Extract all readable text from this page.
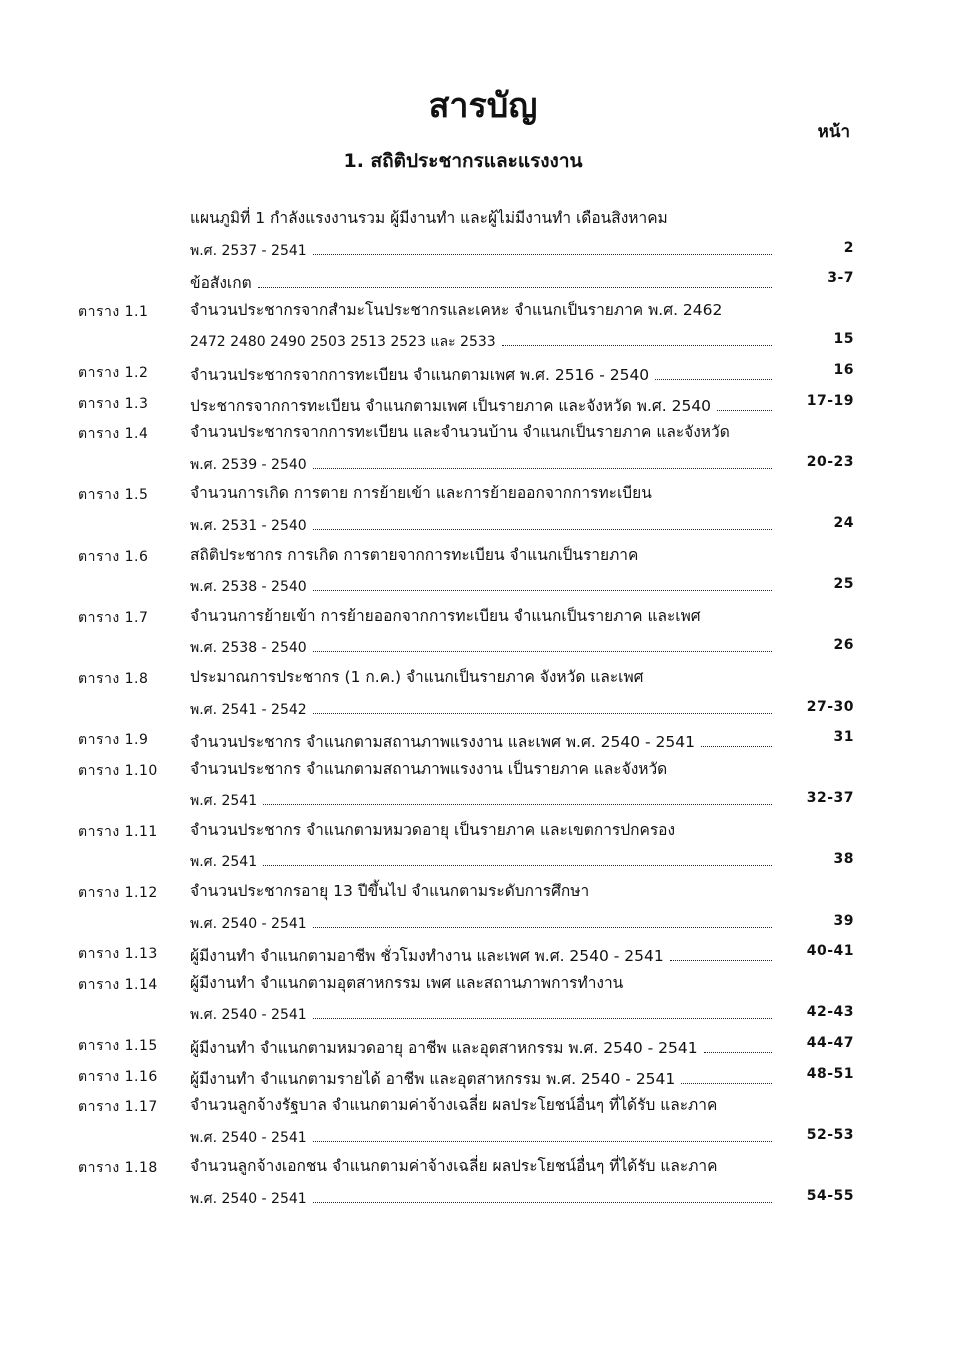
สารบัญ
หน้า
1. สถิติประชากรและแรงงาน
แผนภูมิที่ 1 กำลังแรงงานรวม ผู้มีงานทำ และผู้ไม่มีงานทำ เดือนสิงหาคม
พ.ศ. 2537 - 2541	2
ข้อสังเกต	3-7
ตาราง 1.1	จำนวนประชากรจากสำมะโนประชากรและเคหะ จำแนกเป็นรายภาค พ.ศ. 2462
2472 2480 2490 2503 2513 2523 และ 2533	15
ตาราง 1.2	จำนวนประชากรจากการทะเบียน จำแนกตามเพศ พ.ศ. 2516 - 2540	16
ตาราง 1.3	ประชากรจากการทะเบียน จำแนกตามเพศ เป็นรายภาค และจังหวัด พ.ศ. 2540	17-19
ตาราง 1.4	จำนวนประชากรจากการทะเบียน และจำนวนบ้าน จำแนกเป็นรายภาค และจังหวัด
พ.ศ. 2539 - 2540	20-23
ตาราง 1.5	จำนวนการเกิด การตาย การย้ายเข้า และการย้ายออกจากการทะเบียน
พ.ศ. 2531 - 2540	24
ตาราง 1.6	สถิติประชากร การเกิด การตายจากการทะเบียน จำแนกเป็นรายภาค
พ.ศ. 2538 - 2540	25
ตาราง 1.7	จำนวนการย้ายเข้า การย้ายออกจากการทะเบียน จำแนกเป็นรายภาค และเพศ
พ.ศ. 2538 - 2540	26
ตาราง 1.8	ประมาณการประชากร (1 ก.ค.) จำแนกเป็นรายภาค จังหวัด และเพศ
พ.ศ. 2541 - 2542	27-30
ตาราง 1.9	จำนวนประชากร จำแนกตามสถานภาพแรงงาน และเพศ พ.ศ. 2540 - 2541	31
ตาราง 1.10 จำนวนประชากร จำแนกตามสถานภาพแรงงาน เป็นรายภาค และจังหวัด
พ.ศ. 2541	32-37
ตาราง 1.11 จำนวนประชากร จำแนกตามหมวดอายุ เป็นรายภาค และเขตการปกครอง
พ.ศ. 2541	38
ตาราง 1.12 จำนวนประชากรอายุ 13 ปีขึ้นไป จำแนกตามระดับการศึกษา
พ.ศ. 2540 - 2541	39
ตาราง 1.13 ผู้มีงานทำ จำแนกตามอาชีพ ชั่วโมงทำงาน และเพศ พ.ศ. 2540 - 2541	40-41
ตาราง 1.14 ผู้มีงานทำ จำแนกตามอุตสาหกรรม เพศ และสถานภาพการทำงาน
พ.ศ. 2540 - 2541	42-43
ตาราง 1.15 ผู้มีงานทำ จำแนกตามหมวดอายุ อาชีพ และอุตสาหกรรม พ.ศ. 2540 - 2541	44-47
ตาราง 1.16 ผู้มีงานทำ จำแนกตามรายได้ อาชีพ และอุตสาหกรรม พ.ศ. 2540 - 2541	48-51
ตาราง 1.17 จำนวนลูกจ้างรัฐบาล จำแนกตามค่าจ้างเฉลี่ย ผลประโยชน์อื่นๆ ที่ได้รับ และภาค
พ.ศ. 2540 - 2541	52-53
ตาราง 1.18 จำนวนลูกจ้างเอกชน จำแนกตามค่าจ้างเฉลี่ย ผลประโยชน์อื่นๆ ที่ได้รับ และภาค
พ.ศ. 2540 - 2541	54-55
